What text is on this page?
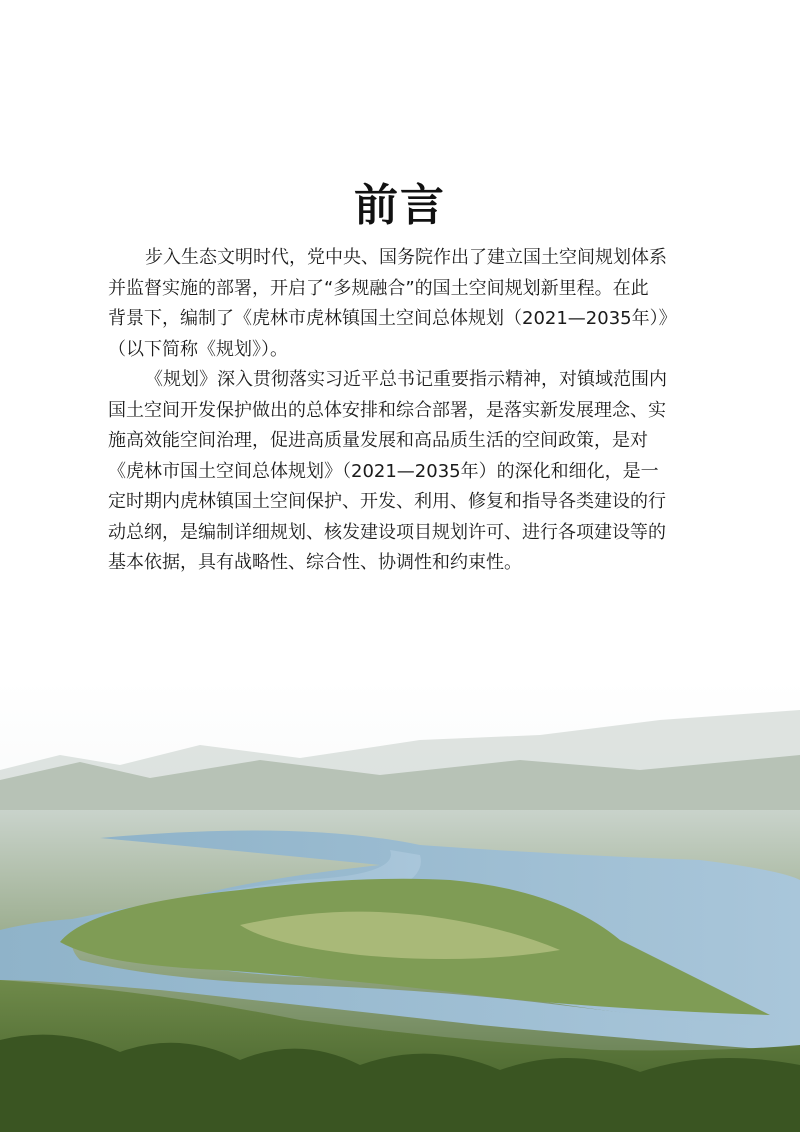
前言
步入生态文明时代，党中央、国务院作出了建立国土空间规划体系
并监督实施的部署，开启了“多规融合”的国土空间规划新里程。在此
背景下，编制了《虎林市虎林镇国土空间总体规划（2021—2035年）》
（以下简称《规划》）。
《规划》深入贯彻落实习近平总书记重要指示精神，对镇域范围内
国土空间开发保护做出的总体安排和综合部署，是落实新发展理念、实
施高效能空间治理，促进高质量发展和高品质生活的空间政策，是对
《虎林市国土空间总体规划》（2021—2035年）的深化和细化，是一
定时期内虎林镇国土空间保护、开发、利用、修复和指导各类建设的行
动总纲，是编制详细规划、核发建设项目规划许可、进行各项建设等的
基本依据，具有战略性、综合性、协调性和约束性。
